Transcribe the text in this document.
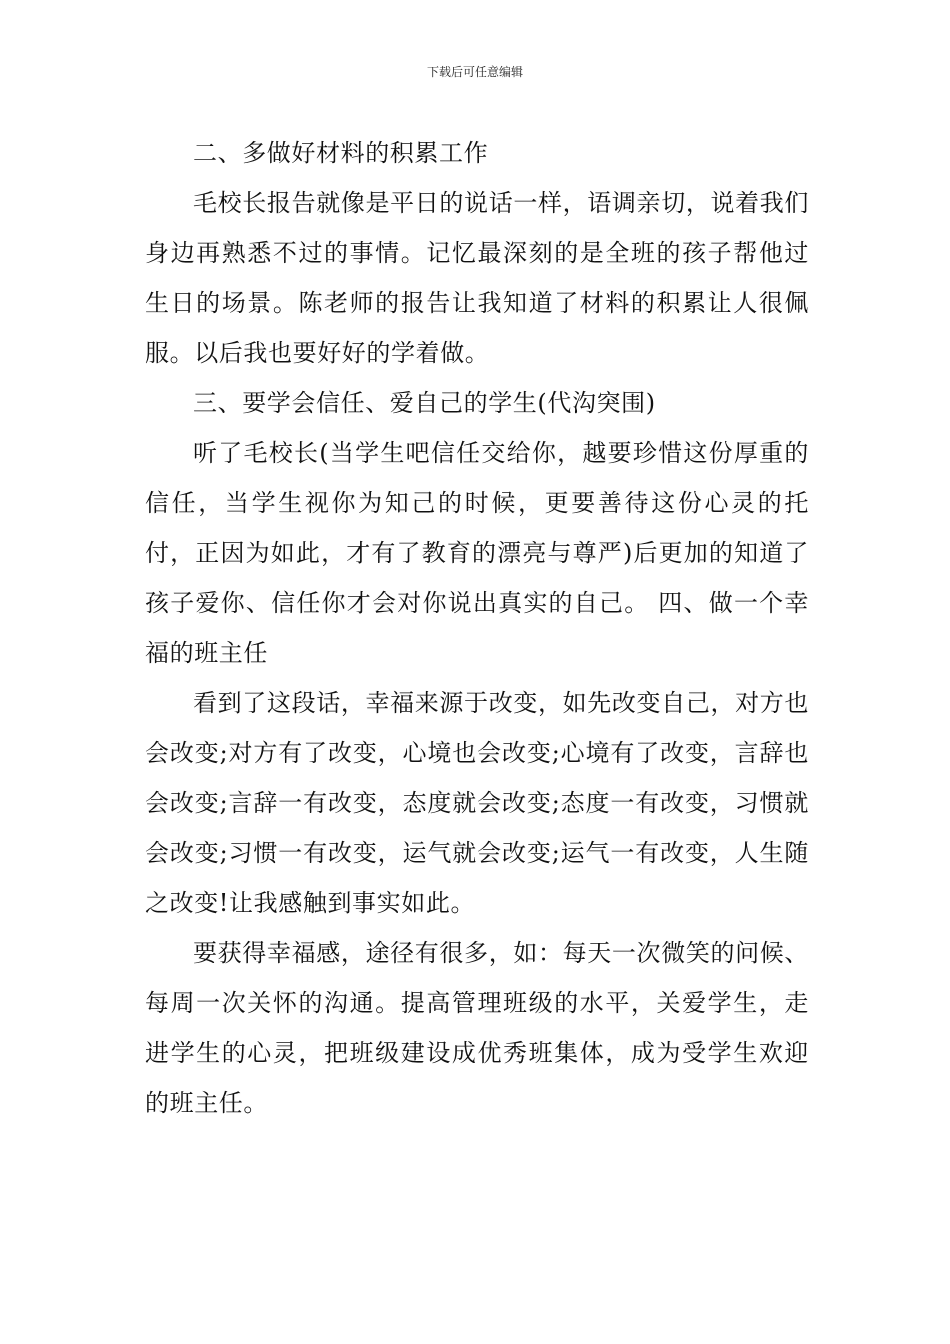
下载后可任意编辑

二、多做好材料的积累工作

毛校长报告就像是平日的说话一样，语调亲切，说着我们身边再熟悉不过的事情。记忆最深刻的是全班的孩子帮他过生日的场景。陈老师的报告让我知道了材料的积累让人很佩服。以后我也要好好的学着做。

三、要学会信任、爱自己的学生(代沟突围)

听了毛校长(当学生吧信任交给你，越要珍惜这份厚重的信任，当学生视你为知己的时候，更要善待这份心灵的托付，正因为如此，才有了教育的漂亮与尊严)后更加的知道了孩子爱你、信任你才会对你说出真实的自己。 四、做一个幸福的班主任

看到了这段话，幸福来源于改变，如先改变自己，对方也会改变;对方有了改变，心境也会改变;心境有了改变，言辞也会改变;言辞一有改变，态度就会改变;态度一有改变，习惯就会改变;习惯一有改变，运气就会改变;运气一有改变，人生随之改变!让我感触到事实如此。

要获得幸福感，途径有很多，如：每天一次微笑的问候、每周一次关怀的沟通。提高管理班级的水平，关爱学生，走进学生的心灵，把班级建设成优秀班集体，成为受学生欢迎的班主任。
